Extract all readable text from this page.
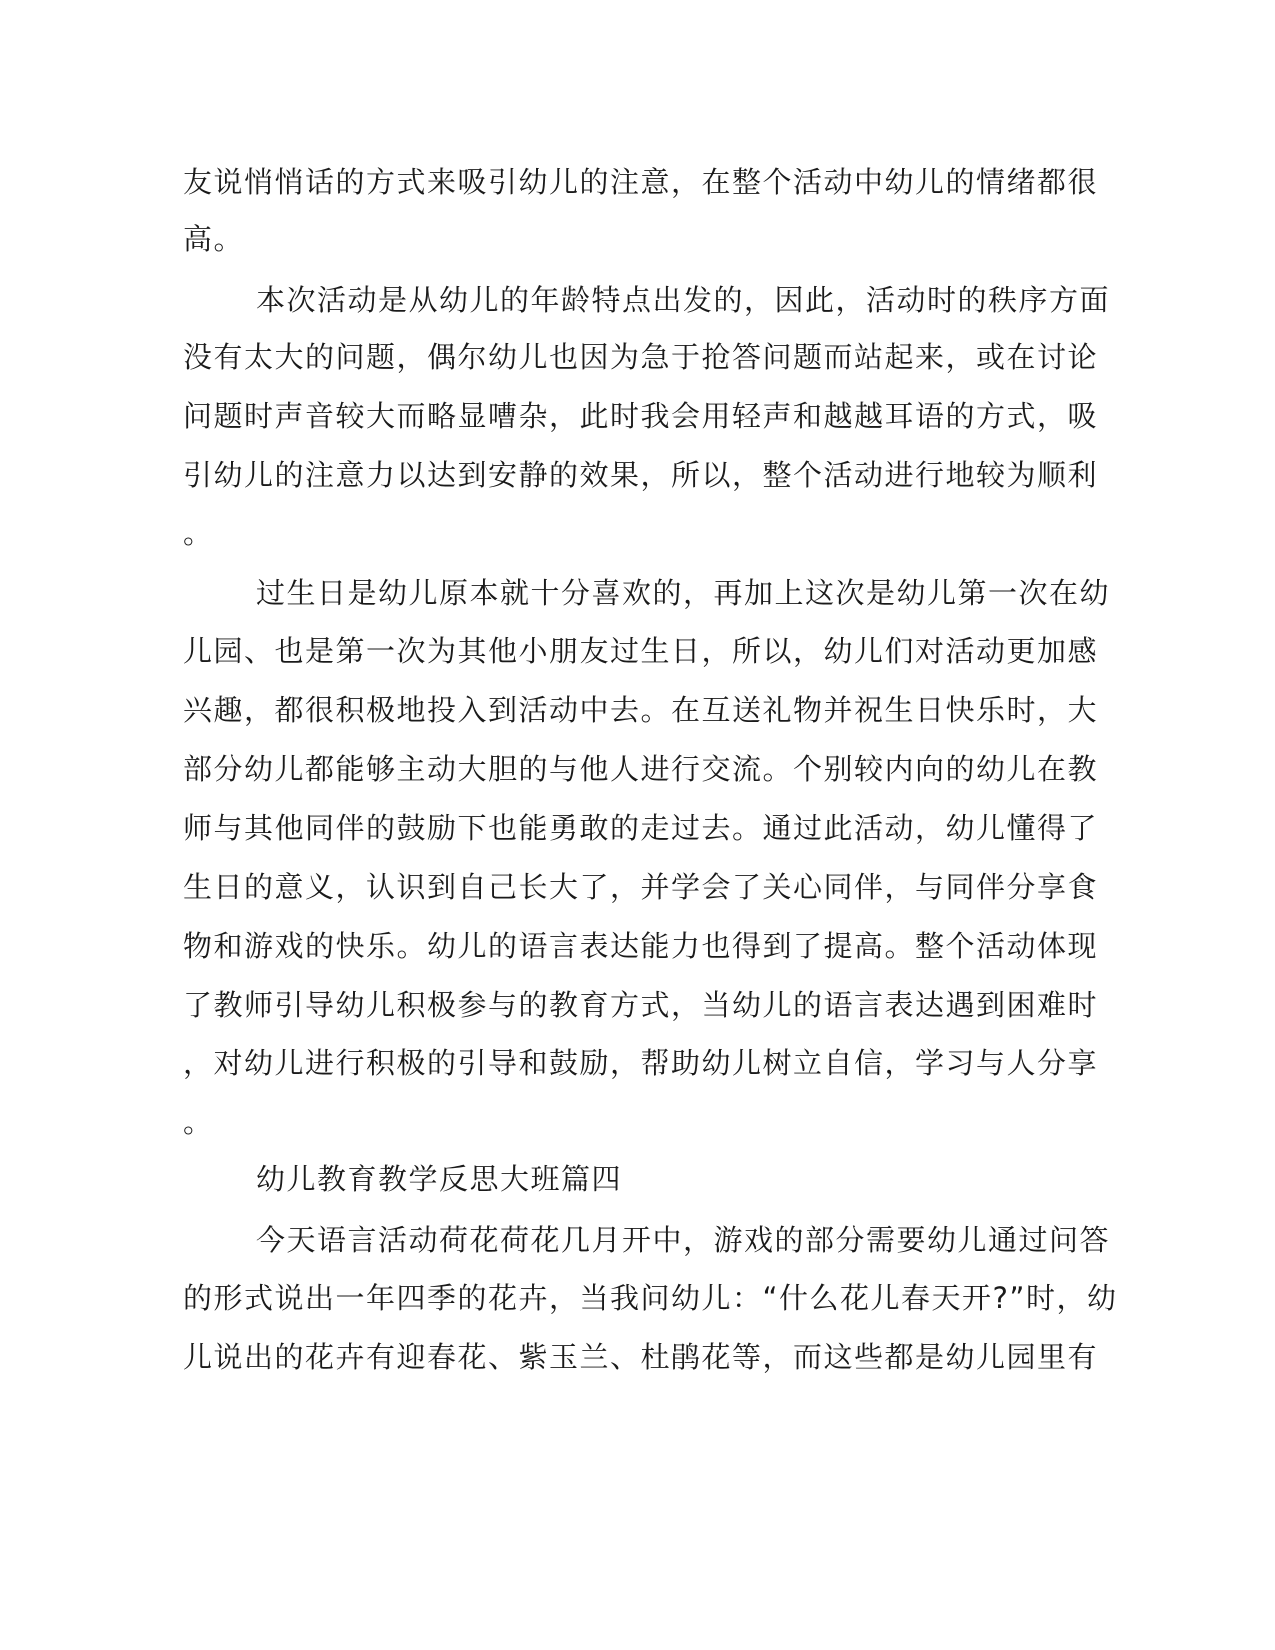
友说悄悄话的方式来吸引幼儿的注意，在整个活动中幼儿的情绪都很
高。
本次活动是从幼儿的年龄特点出发的，因此，活动时的秩序方面
没有太大的问题，偶尔幼儿也因为急于抢答问题而站起来，或在讨论
问题时声音较大而略显嘈杂，此时我会用轻声和越越耳语的方式，吸
引幼儿的注意力以达到安静的效果，所以，整个活动进行地较为顺利
。
过生日是幼儿原本就十分喜欢的，再加上这次是幼儿第一次在幼
儿园、也是第一次为其他小朋友过生日，所以，幼儿们对活动更加感
兴趣，都很积极地投入到活动中去。在互送礼物并祝生日快乐时，大
部分幼儿都能够主动大胆的与他人进行交流。个别较内向的幼儿在教
师与其他同伴的鼓励下也能勇敢的走过去。通过此活动，幼儿懂得了
生日的意义，认识到自己长大了，并学会了关心同伴，与同伴分享食
物和游戏的快乐。幼儿的语言表达能力也得到了提高。整个活动体现
了教师引导幼儿积极参与的教育方式，当幼儿的语言表达遇到困难时
，对幼儿进行积极的引导和鼓励，帮助幼儿树立自信，学习与人分享
。
幼儿教育教学反思大班篇四
今天语言活动荷花荷花几月开中，游戏的部分需要幼儿通过问答
的形式说出一年四季的花卉，当我问幼儿：“什么花儿春天开?”时，幼
儿说出的花卉有迎春花、紫玉兰、杜鹃花等，而这些都是幼儿园里有
